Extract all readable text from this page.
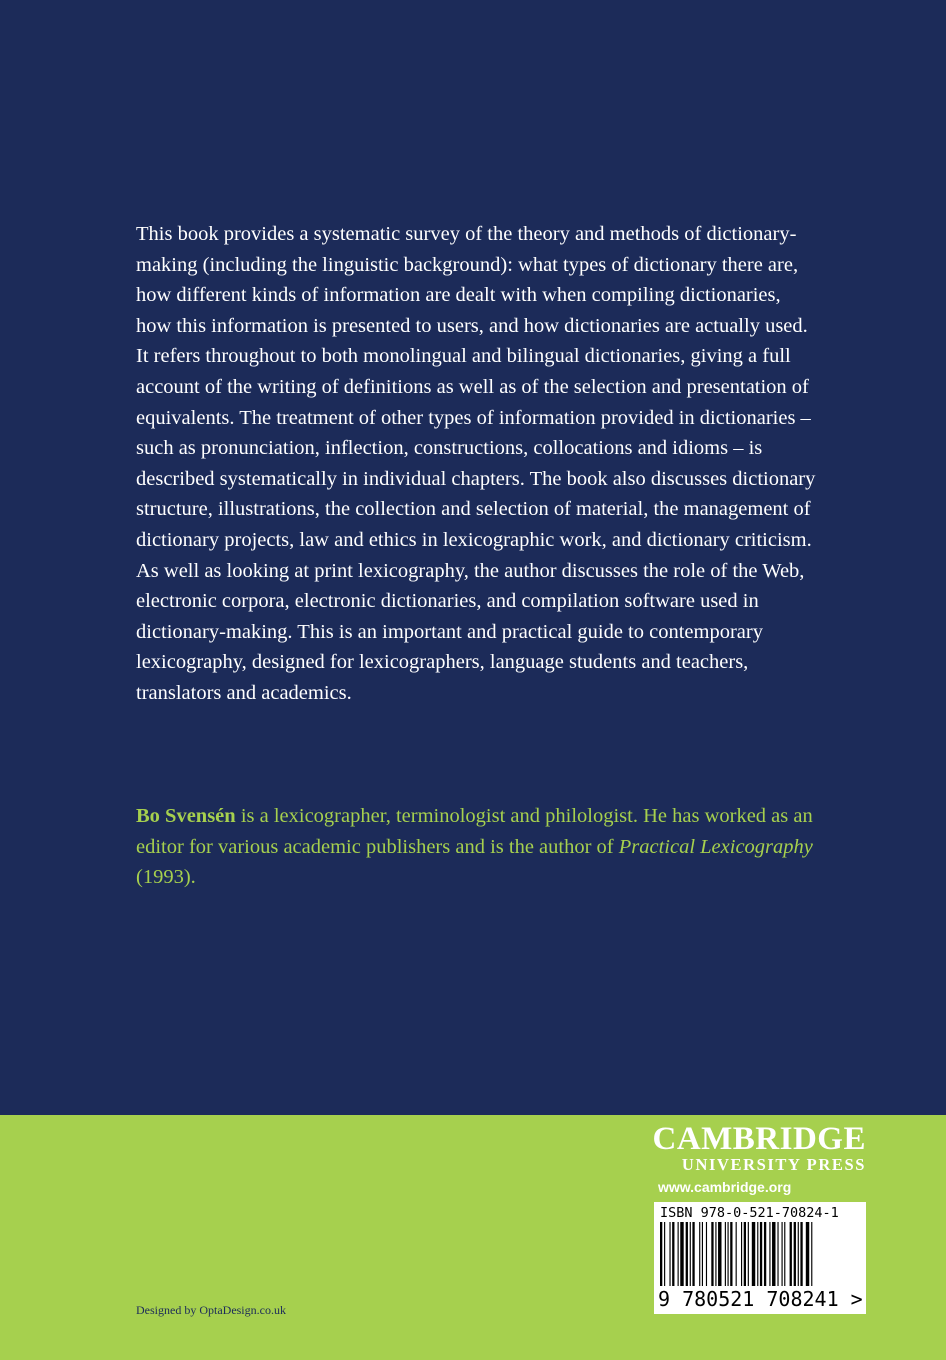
This book provides a systematic survey of the theory and methods of dictionary-making (including the linguistic background): what types of dictionary there are, how different kinds of information are dealt with when compiling dictionaries, how this information is presented to users, and how dictionaries are actually used. It refers throughout to both monolingual and bilingual dictionaries, giving a full account of the writing of definitions as well as of the selection and presentation of equivalents. The treatment of other types of information provided in dictionaries – such as pronunciation, inflection, constructions, collocations and idioms – is described systematically in individual chapters. The book also discusses dictionary structure, illustrations, the collection and selection of material, the management of dictionary projects, law and ethics in lexicographic work, and dictionary criticism. As well as looking at print lexicography, the author discusses the role of the Web, electronic corpora, electronic dictionaries, and compilation software used in dictionary-making. This is an important and practical guide to contemporary lexicography, designed for lexicographers, language students and teachers, translators and academics.

Bo Svensén is a lexicographer, terminologist and philologist. He has worked as an editor for various academic publishers and is the author of Practical Lexicography (1993).

CAMBRIDGE
UNIVERSITY PRESS
www.cambridge.org
ISBN 978-0-521-70824-1
9 780521 708241 >
Designed by OptaDesign.co.uk
